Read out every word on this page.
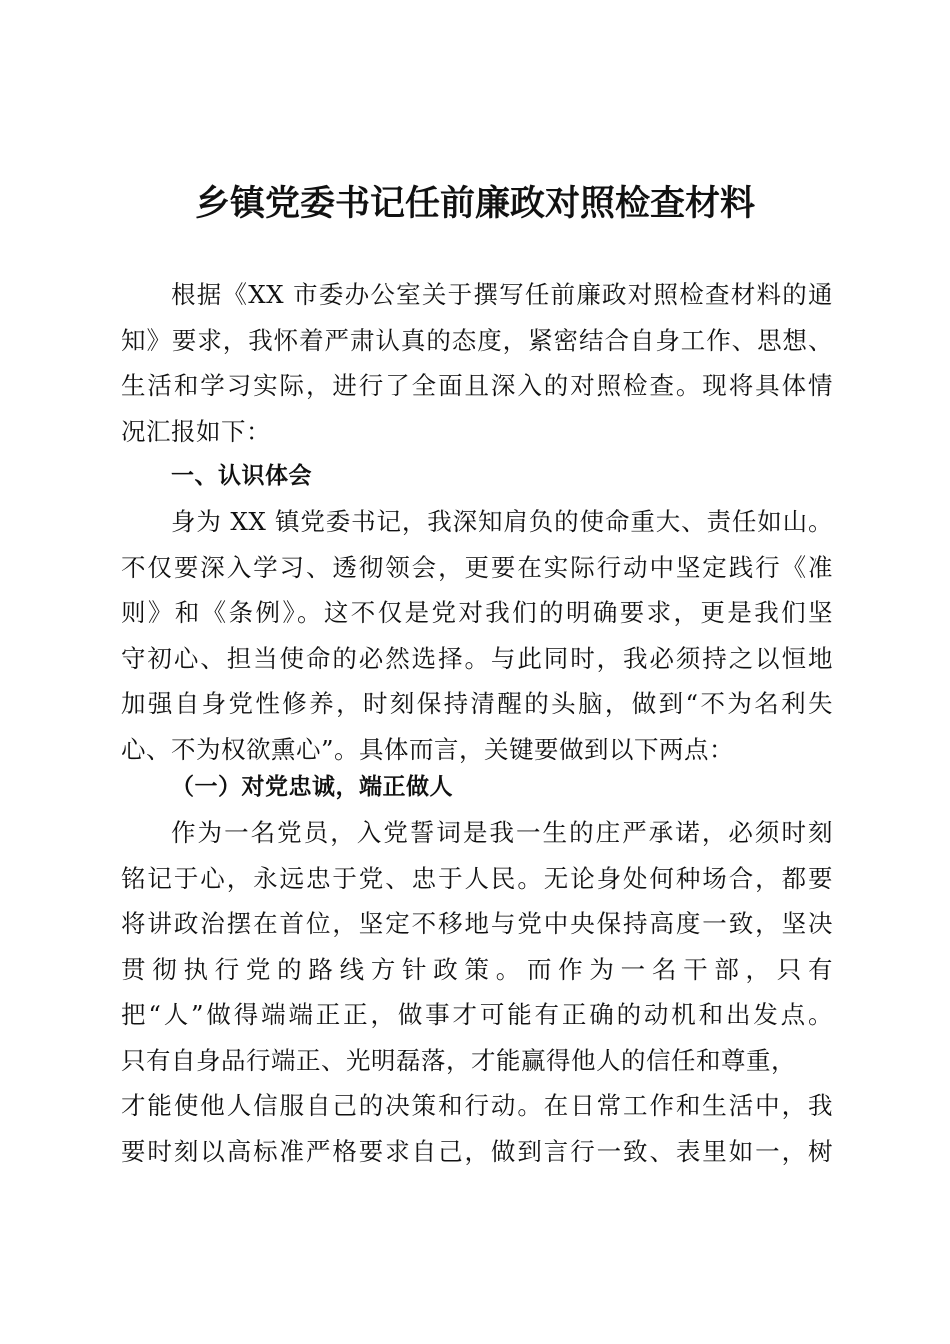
乡镇党委书记任前廉政对照检查材料
根据《XX 市委办公室关于撰写任前廉政对照检查材料的通
知》要求，我怀着严肃认真的态度，紧密结合自身工作、思想、
生活和学习实际，进行了全面且深入的对照检查。现将具体情
况汇报如下：
一、认识体会
身为 XX 镇党委书记，我深知肩负的使命重大、责任如山。
不仅要深入学习、透彻领会，更要在实际行动中坚定践行《准
则》和《条例》。这不仅是党对我们的明确要求，更是我们坚
守初心、担当使命的必然选择。与此同时，我必须持之以恒地
加强自身党性修养，时刻保持清醒的头脑，做到“不为名利失
心、不为权欲熏心”。具体而言，关键要做到以下两点：
（一）对党忠诚，端正做人
作为一名党员，入党誓词是我一生的庄严承诺，必须时刻
铭记于心，永远忠于党、忠于人民。无论身处何种场合，都要
将讲政治摆在首位，坚定不移地与党中央保持高度一致，坚决
贯彻执行党的路线方针政策。而作为一名干部，只有
把“人”做得端端正正，做事才可能有正确的动机和出发点。
只有自身品行端正、光明磊落，才能赢得他人的信任和尊重，
才能使他人信服自己的决策和行动。在日常工作和生活中，我
要时刻以高标准严格要求自己，做到言行一致、表里如一，树
